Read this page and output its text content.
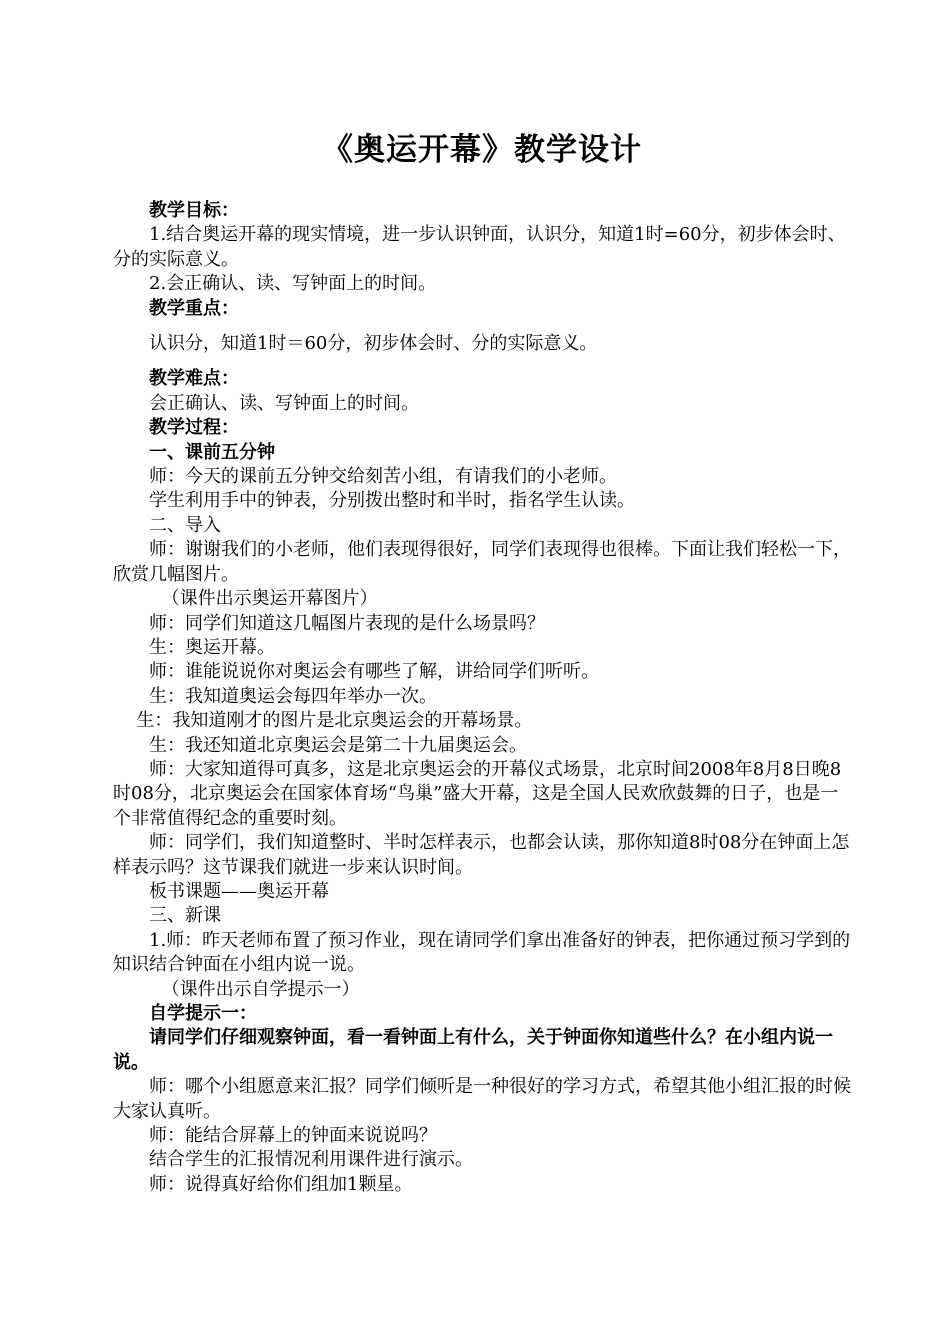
《奥运开幕》教学设计

教学目标：

1.结合奥运开幕的现实情境，进一步认识钟面，认识分，知道1时=60分，初步体会时、分的实际意义。

2.会正确认、读、写钟面上的时间。

教学重点：

认识分，知道1时＝60分，初步体会时、分的实际意义。

教学难点：

会正确认、读、写钟面上的时间。

教学过程：

一、课前五分钟

师：今天的课前五分钟交给刻苦小组，有请我们的小老师。

学生利用手中的钟表，分别拨出整时和半时，指名学生认读。

二、导入

师：谢谢我们的小老师，他们表现得很好，同学们表现得也很棒。下面让我们轻松一下，欣赏几幅图片。

（课件出示奥运开幕图片）

师：同学们知道这几幅图片表现的是什么场景吗？

生：奥运开幕。

师：谁能说说你对奥运会有哪些了解，讲给同学们听听。

生：我知道奥运会每四年举办一次。

生：我知道刚才的图片是北京奥运会的开幕场景。

生：我还知道北京奥运会是第二十九届奥运会。

师：大家知道得可真多，这是北京奥运会的开幕仪式场景，北京时间2008年8月8日晚8时08分，北京奥运会在国家体育场“鸟巢”盛大开幕，这是全国人民欢欣鼓舞的日子，也是一个非常值得纪念的重要时刻。

师：同学们，我们知道整时、半时怎样表示，也都会认读，那你知道8时08分在钟面上怎样表示吗？这节课我们就进一步来认识时间。

板书课题——奥运开幕

三、新课

1.师：昨天老师布置了预习作业，现在请同学们拿出准备好的钟表，把你通过预习学到的知识结合钟面在小组内说一说。

（课件出示自学提示一）

自学提示一：

请同学们仔细观察钟面，看一看钟面上有什么，关于钟面你知道些什么？在小组内说一说。

师：哪个小组愿意来汇报？同学们倾听是一种很好的学习方式，希望其他小组汇报的时候大家认真听。

师：能结合屏幕上的钟面来说说吗？

结合学生的汇报情况利用课件进行演示。

师：说得真好给你们组加1颗星。
